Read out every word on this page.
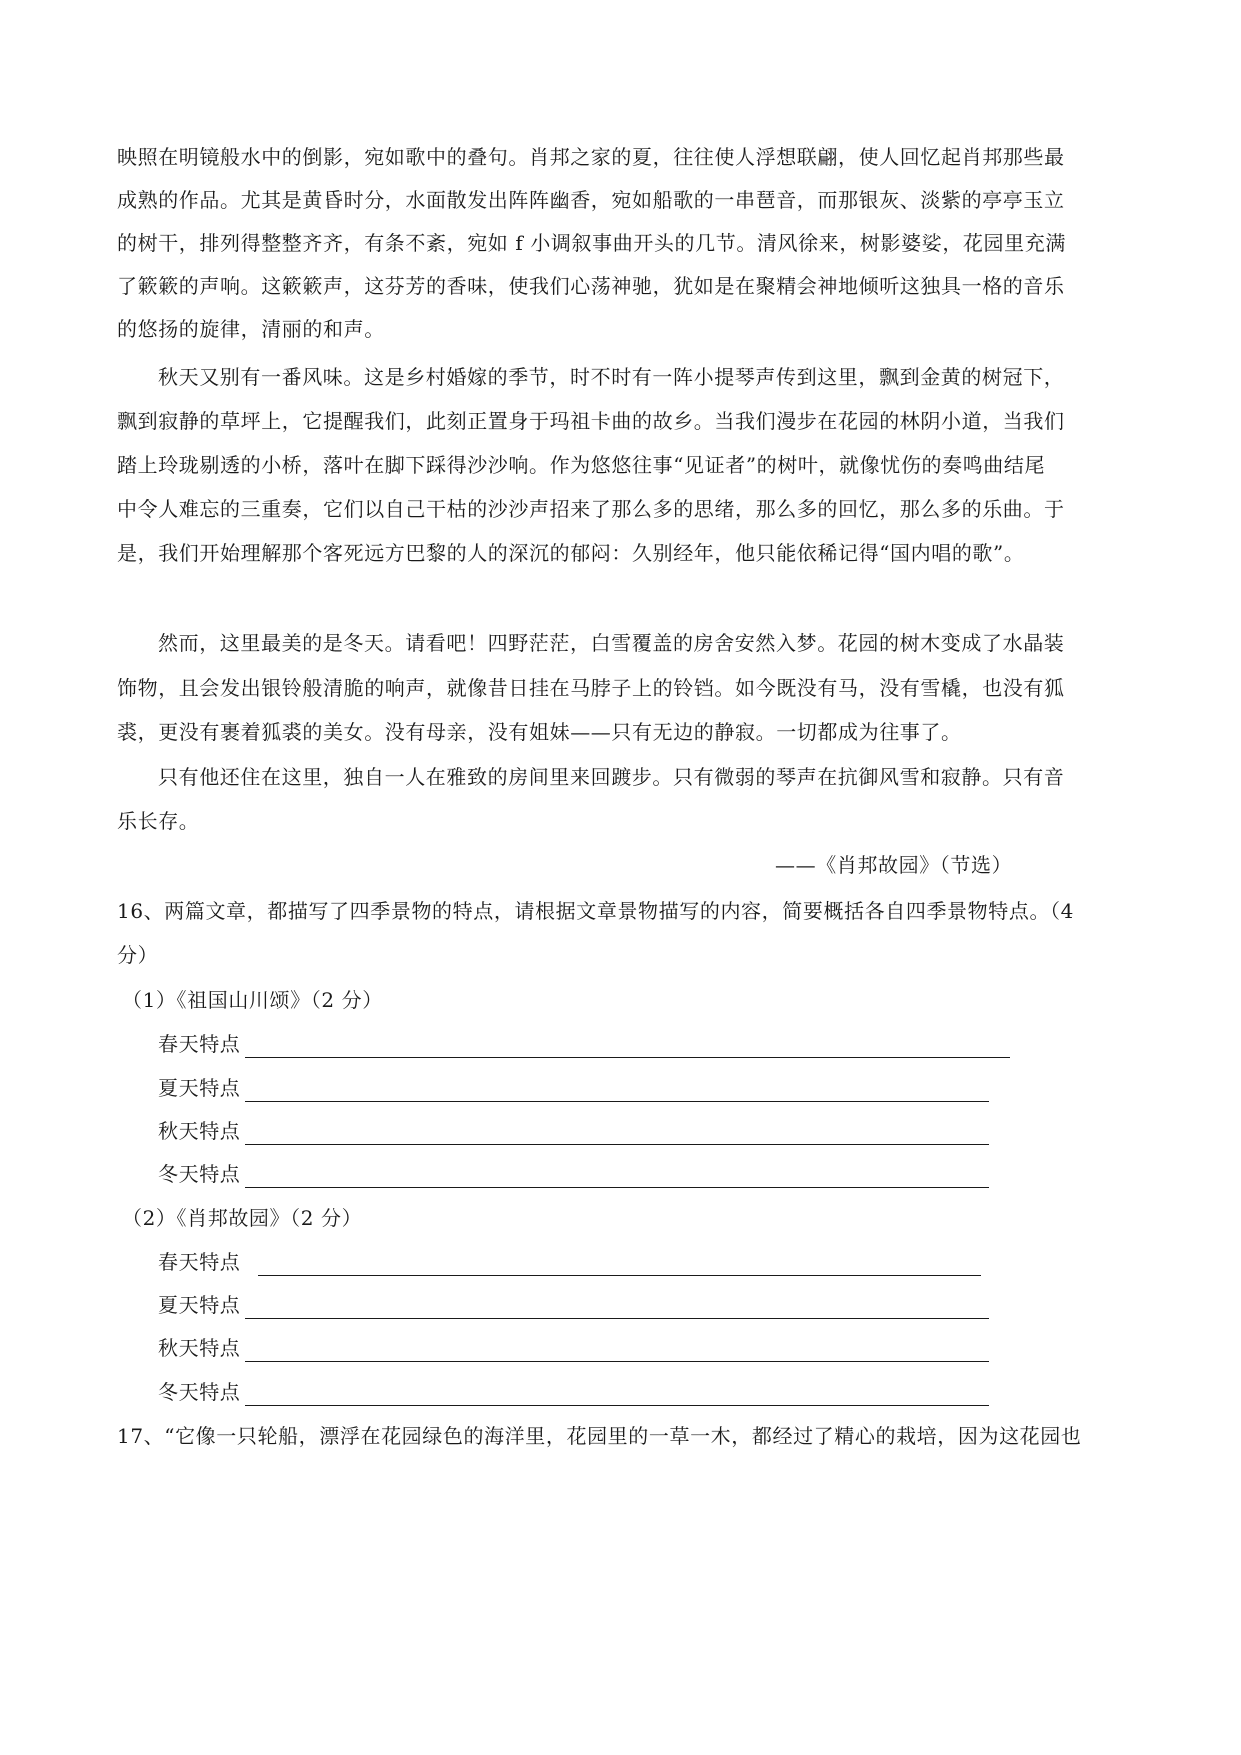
映照在明镜般水中的倒影，宛如歌中的叠句。肖邦之家的夏，往往使人浮想联翩，使人回忆起肖邦那些最
成熟的作品。尤其是黄昏时分，水面散发出阵阵幽香，宛如船歌的一串琶音，而那银灰、淡紫的亭亭玉立
的树干，排列得整整齐齐，有条不紊，宛如 f 小调叙事曲开头的几节。清风徐来，树影婆娑，花园里充满
了簌簌的声响。这簌簌声，这芬芳的香味，使我们心荡神驰，犹如是在聚精会神地倾听这独具一格的音乐
的悠扬的旋律，清丽的和声。
秋天又别有一番风味。这是乡村婚嫁的季节，时不时有一阵小提琴声传到这里，飘到金黄的树冠下，
飘到寂静的草坪上，它提醒我们，此刻正置身于玛祖卡曲的故乡。当我们漫步在花园的林阴小道，当我们
踏上玲珑剔透的小桥，落叶在脚下踩得沙沙响。作为悠悠往事“见证者”的树叶，就像忧伤的奏鸣曲结尾
中令人难忘的三重奏，它们以自己干枯的沙沙声招来了那么多的思绪，那么多的回忆，那么多的乐曲。于
是，我们开始理解那个客死远方巴黎的人的深沉的郁闷：久别经年，他只能依稀记得“国内唱的歌”。
然而，这里最美的是冬天。请看吧！四野茫茫，白雪覆盖的房舍安然入梦。花园的树木变成了水晶装
饰物，且会发出银铃般清脆的响声，就像昔日挂在马脖子上的铃铛。如今既没有马，没有雪橇，也没有狐
裘，更没有裹着狐裘的美女。没有母亲，没有姐妹——只有无边的静寂。一切都成为往事了。
只有他还住在这里，独自一人在雅致的房间里来回踱步。只有微弱的琴声在抗御风雪和寂静。只有音
乐长存。
——《肖邦故园》（节选）
16、两篇文章，都描写了四季景物的特点，请根据文章景物描写的内容，简要概括各自四季景物特点。（4
分）
（1）《祖国山川颂》（2 分）
春天特点
夏天特点
秋天特点
冬天特点
（2）《肖邦故园》（2 分）
春天特点
夏天特点
秋天特点
冬天特点
17、“它像一只轮船，漂浮在花园绿色的海洋里，花园里的一草一木，都经过了精心的栽培，因为这花园也
